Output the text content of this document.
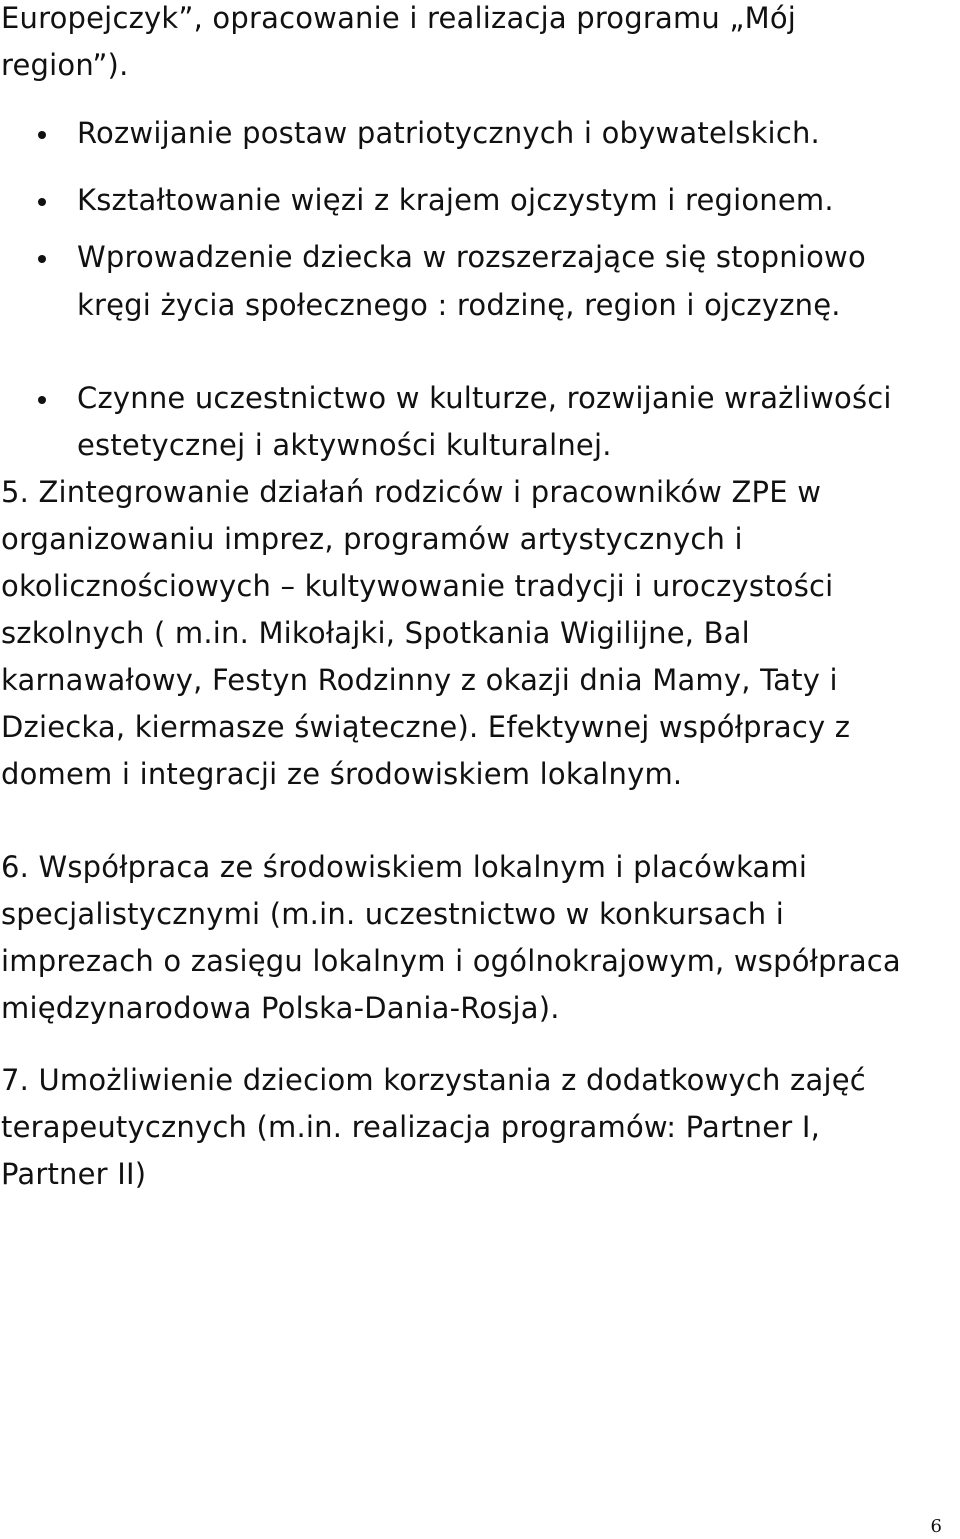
Europejczyk”, opracowanie i realizacja programu „Mój
region”).
Rozwijanie postaw patriotycznych i obywatelskich.
Kształtowanie więzi z krajem ojczystym i regionem.
Wprowadzenie dziecka w rozszerzające się stopniowo
kręgi życia społecznego : rodzinę, region i ojczyznę.
Czynne uczestnictwo w kulturze, rozwijanie wrażliwości
estetycznej i aktywności kulturalnej.
5. Zintegrowanie działań rodziców i pracowników ZPE w
organizowaniu imprez, programów artystycznych i
okolicznościowych – kultywowanie tradycji i uroczystości
szkolnych ( m.in. Mikołajki, Spotkania Wigilijne, Bal
karnawałowy, Festyn Rodzinny z okazji dnia Mamy, Taty i
Dziecka, kiermasze świąteczne). Efektywnej współpracy z
domem i integracji ze środowiskiem lokalnym.
6. Współpraca ze środowiskiem lokalnym i placówkami
specjalistycznymi (m.in. uczestnictwo w konkursach i
imprezach o zasięgu lokalnym i ogólnokrajowym, współpraca
międzynarodowa Polska-Dania-Rosja).
7. Umożliwienie dzieciom korzystania z dodatkowych zajęć
terapeutycznych (m.in. realizacja programów: Partner I,
Partner II)
6
